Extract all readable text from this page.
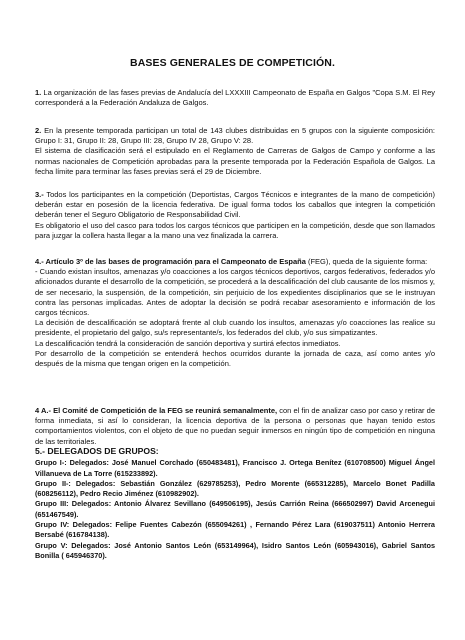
BASES GENERALES DE COMPETICIÓN.

1. La organización de las fases previas de Andalucía del LXXXIII Campeonato de España en Galgos "Copa S.M. El Rey corresponderá a la Federación Andaluza de Galgos.

2. En la presente temporada participan un total de 143 clubes distribuidas en 5 grupos con la siguiente composición: Grupo I: 31, Grupo II: 28, Grupo III: 28, Grupo IV 28, Grupo V: 28.

El sistema de clasificación será el estipulado en el Reglamento de Carreras de Galgos de Campo y conforme a las normas nacionales de Competición aprobadas para la presente temporada por la Federación Española de Galgos. La fecha límite para terminar las fases previas será el 29 de Diciembre.

3.- Todos los participantes en la competición (Deportistas, Cargos Técnicos e integrantes de la mano de competición) deberán estar en posesión de la licencia federativa. De igual forma todos los caballos que integren la competición deberán tener el Seguro Obligatorio de Responsabilidad Civil.

Es obligatorio el uso del casco para todos los cargos técnicos que participen en la competición, desde que son llamados para juzgar la collera hasta llegar a la mano una vez finalizada la carrera.

4.- Artículo 3º de las bases de programación para el Campeonato de España (FEG), queda de la siguiente forma:

- Cuando existan insultos, amenazas y/o coacciones a los cargos técnicos deportivos, cargos federativos, federados y/o aficionados durante el desarrollo de la competición, se procederá a la descalificación del club causante de los mismos y, de ser necesario, la suspensión, de la competición, sin perjuicio de los expedientes disciplinarios que se le instruyan contra las personas implicadas. Antes de adoptar la decisión se podrá recabar asesoramiento e información de los cargos técnicos.

La decisión de descalificación se adoptará frente al club cuando los insultos, amenazas y/o coacciones las realice su presidente, el propietario del galgo, su/s representante/s, los federados del club, y/o sus simpatizantes.

La descalificación tendrá la consideración de sanción deportiva y surtirá efectos inmediatos.

Por desarrollo de la competición se entenderá hechos ocurridos durante la jornada de caza, así como antes y/o después de la misma que tengan origen en la competición.

4 A.- El Comité de Competición de la FEG se reunirá semanalmente, con el fin de analizar caso por caso y retirar de forma inmediata, si así lo consideran, la licencia deportiva de la persona o personas que hayan tenido estos comportamientos violentos, con el objeto de que no puedan seguir inmersos en ningún tipo de competición en ninguna de las territoriales.

5.- DELEGADOS DE GRUPOS:
Grupo I-: Delegados: José Manuel Corchado (650483481), Francisco J. Ortega Benítez (610708500) Miguel Ángel Villanueva de La Torre (615233892).
Grupo II-: Delegados: Sebastián González (629785253), Pedro Morente (665312285), Marcelo Bonet Padilla (608256112), Pedro Recio Jiménez (610982902).
Grupo III: Delegados: Antonio Álvarez Sevillano (649506195), Jesús Carrión Reina (666502997) David Arcenegui (651467549).
Grupo IV: Delegados: Felipe Fuentes Cabezón (655094261) , Fernando Pérez Lara (619037511) Antonio Herrera Bersabé (616784138).
Grupo V: Delegados: José Antonio Santos León (653149964), Isidro Santos León (605943016), Gabriel Santos Bonilla ( 645946370).
